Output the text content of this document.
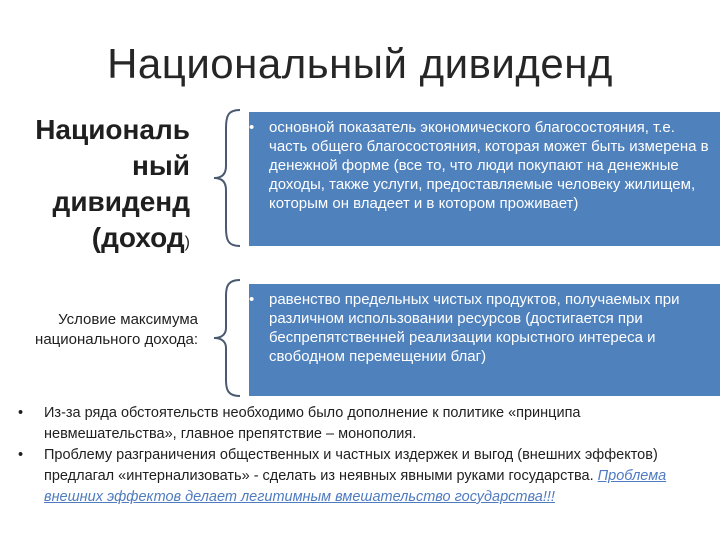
Национальный дивиденд
Националь
ный
дивиденд
(доход)
Условие максимума национального дохода:

• основной показатель экономического благосостояния, т.е. часть общего благосостояния, которая может быть измерена в денежной форме (все то, что люди покупают на денежные доходы, также услуги, предоставляемые человеку жилищем, которым он владеет и в котором проживает)

• равенство предельных чистых продуктов, получаемых при различном использовании ресурсов (достигается при беспрепятственней реализации корыстного интереса и свободном перемещении благ)

• Из-за ряда обстоятельств необходимо было дополнение к политике «принципа невмешательства», главное препятствие – монополия.
• Проблему разграничения общественных и частных издержек и выгод (внешних эффектов) предлагал «интернализовать» - сделать из неявных явными руками государства. Проблема внешних эффектов делает легитимным вмешательство государства!!!
